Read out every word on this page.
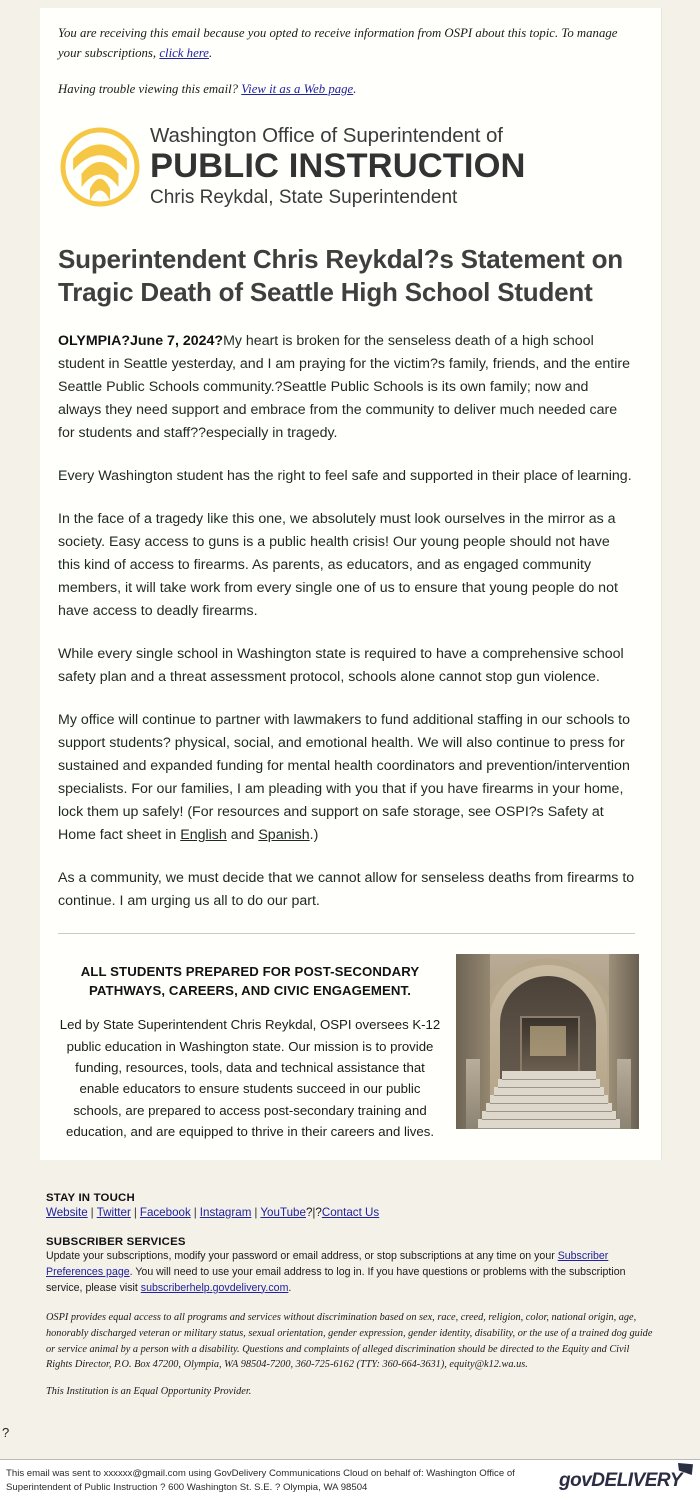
You are receiving this email because you opted to receive information from OSPI about this topic. To manage your subscriptions, click here.

Having trouble viewing this email? View it as a Web page.

Washington Office of Superintendent of
PUBLIC INSTRUCTION
Chris Reykdal, State Superintendent
Superintendent Chris Reykdal?s Statement on Tragic Death of Seattle High School Student

OLYMPIA?June 7, 2024?My heart is broken for the senseless death of a high school student in Seattle yesterday, and I am praying for the victim?s family, friends, and the entire Seattle Public Schools community.?Seattle Public Schools is its own family; now and always they need support and embrace from the community to deliver much needed care for students and staff??especially in tragedy.

Every Washington student has the right to feel safe and supported in their place of learning.

In the face of a tragedy like this one, we absolutely must look ourselves in the mirror as a society. Easy access to guns is a public health crisis! Our young people should not have this kind of access to firearms. As parents, as educators, and as engaged community members, it will take work from every single one of us to ensure that young people do not have access to deadly firearms.

While every single school in Washington state is required to have a comprehensive school safety plan and a threat assessment protocol, schools alone cannot stop gun violence.

My office will continue to partner with lawmakers to fund additional staffing in our schools to support students? physical, social, and emotional health. We will also continue to press for sustained and expanded funding for mental health coordinators and prevention/intervention specialists. For our families, I am pleading with you that if you have firearms in your home, lock them up safely! (For resources and support on safe storage, see OSPI?s Safety at Home fact sheet in English and Spanish.)

As a community, we must decide that we cannot allow for senseless deaths from firearms to continue. I am urging us all to do our part.

ALL STUDENTS PREPARED FOR POST-SECONDARY PATHWAYS, CAREERS, AND CIVIC ENGAGEMENT.

Led by State Superintendent Chris Reykdal, OSPI oversees K-12 public education in Washington state. Our mission is to provide funding, resources, tools, data and technical assistance that enable educators to ensure students succeed in our public schools, are prepared to access post-secondary training and education, and are equipped to thrive in their careers and lives.

STAY IN TOUCH
Website | Twitter | Facebook | Instagram | YouTube?|?Contact Us
SUBSCRIBER SERVICES

Update your subscriptions, modify your password or email address, or stop subscriptions at any time on your Subscriber Preferences page. You will need to use your email address to log in. If you have questions or problems with the subscription service, please visit subscriberhelp.govdelivery.com.

OSPI provides equal access to all programs and services without discrimination based on sex, race, creed, religion, color, national origin, age, honorably discharged veteran or military status, sexual orientation, gender expression, gender identity, disability, or the use of a trained dog guide or service animal by a person with a disability. Questions and complaints of alleged discrimination should be directed to the Equity and Civil Rights Director, P.O. Box 47200, Olympia, WA 98504-7200, 360-725-6162 (TTY: 360-664-3631), equity@k12.wa.us.

This Institution is an Equal Opportunity Provider.

?
This email was sent to xxxxxx@gmail.com using GovDelivery Communications Cloud on behalf of: Washington Office of Superintendent of Public Instruction ? 600 Washington St. S.E. ? Olympia, WA 98504	govDELIVERY
